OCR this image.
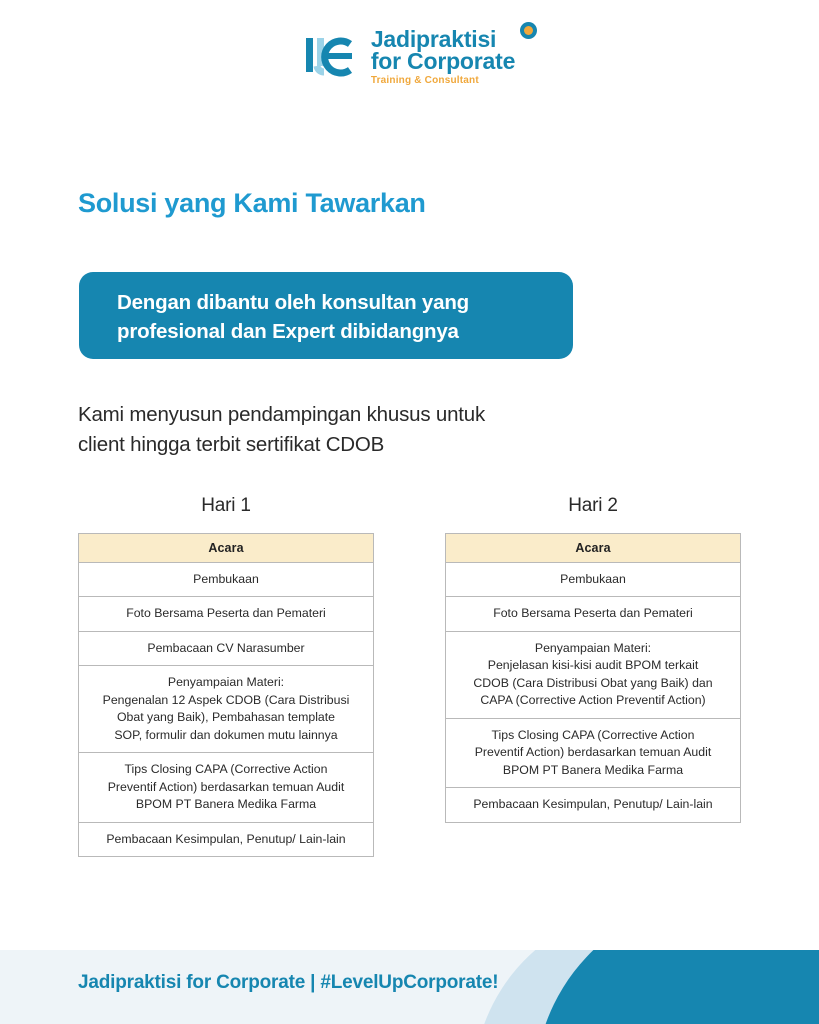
Jadipraktisi
for Corporate
Training & Consultant
Solusi yang Kami Tawarkan
Dengan dibantu oleh konsultan yang
profesional dan Expert dibidangnya
Kami menyusun pendampingan khusus untuk
client hingga terbit sertifikat CDOB
Hari 1
Acara
Pembukaan
Foto Bersama Peserta dan Pemateri
Pembacaan CV Narasumber
Penyampaian Materi:
Pengenalan 12 Aspek CDOB (Cara Distribusi
Obat yang Baik), Pembahasan template
SOP, formulir dan dokumen mutu lainnya
Tips Closing CAPA (Corrective Action
Preventif Action) berdasarkan temuan Audit
BPOM PT Banera Medika Farma
Pembacaan Kesimpulan, Penutup/ Lain-lain
Hari 2
Acara
Pembukaan
Foto Bersama Peserta dan Pemateri
Penyampaian Materi:
Penjelasan kisi-kisi audit BPOM terkait
CDOB (Cara Distribusi Obat yang Baik) dan
CAPA (Corrective Action Preventif Action)
Tips Closing CAPA (Corrective Action
Preventif Action) berdasarkan temuan Audit
BPOM PT Banera Medika Farma
Pembacaan Kesimpulan, Penutup/ Lain-lain
Jadipraktisi for Corporate | #LevelUpCorporate!
